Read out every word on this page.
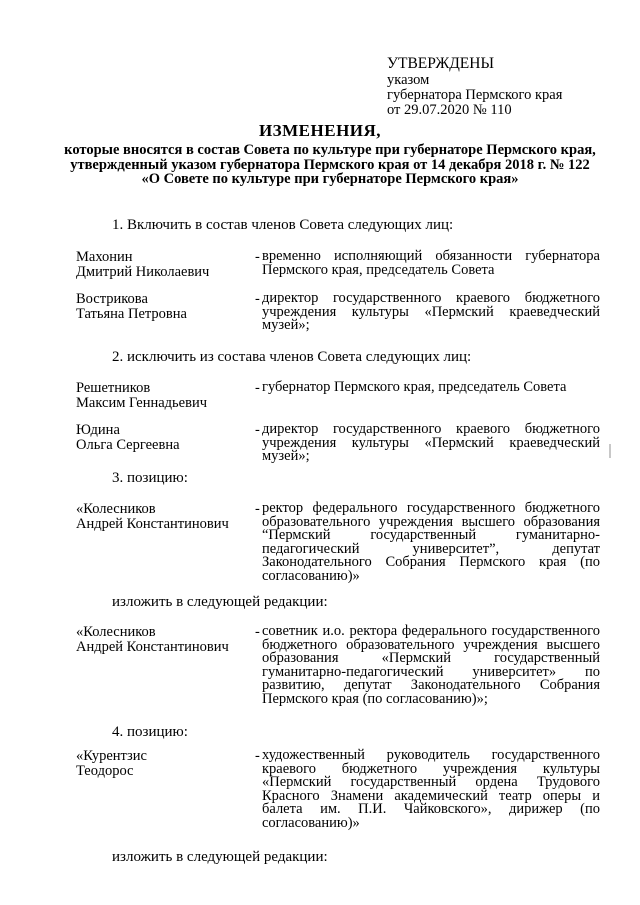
УТВЕРЖДЕНЫ
указом
губернатора Пермского края
от 29.07.2020 № 110
ИЗМЕНЕНИЯ,
которые вносятся в состав Совета по культуре при губернаторе Пермского края, утвержденный указом губернатора Пермского края от 14 декабря 2018 г. № 122 «О Совете по культуре при губернаторе Пермского края»
1. Включить в состав членов Совета следующих лиц:
Махонин
Дмитрий Николаевич
- временно исполняющий обязанности губернатора Пермского края, председатель Совета
Вострикова
Татьяна Петровна
- директор государственного краевого бюджетного учреждения культуры «Пермский краеведческий музей»;
2. исключить из состава членов Совета следующих лиц:
Решетников
Максим Геннадьевич
- губернатор Пермского края, председатель Совета
Юдина
Ольга Сергеевна
- директор государственного краевого бюджетного учреждения культуры «Пермский краеведческий музей»;
3. позицию:
«Колесников
Андрей Константинович
- ректор федерального государственного бюджетного образовательного учреждения высшего образования “Пермский государственный гуманитарно-педагогический университет”, депутат Законодательного Собрания Пермского края (по согласованию)»
изложить в следующей редакции:
«Колесников
Андрей Константинович
- советник и.о. ректора федерального государственного бюджетного образовательного учреждения высшего образования «Пермский государственный гуманитарно-педагогический университет» по развитию, депутат Законодательного Собрания Пермского края (по согласованию)»;
4. позицию:
«Курентзис
Теодорос
- художественный руководитель государственного краевого бюджетного учреждения культуры «Пермский государственный ордена Трудового Красного Знамени академический театр оперы и балета им. П.И. Чайковского», дирижер (по согласованию)»
изложить в следующей редакции:
